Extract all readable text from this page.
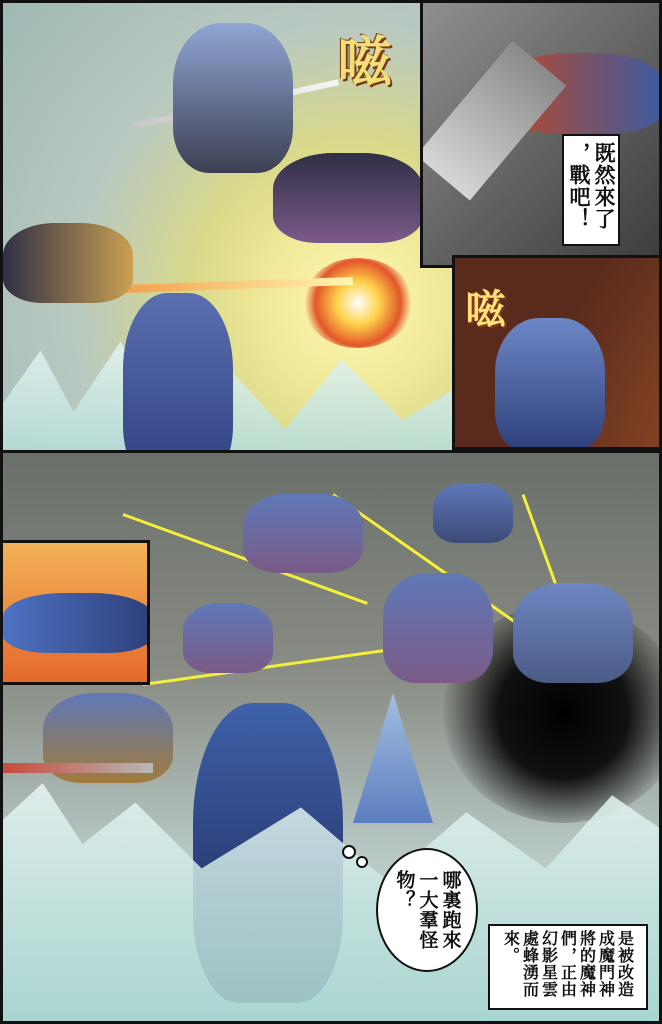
嗞
既然來了
，戰吧！
嗞
哪裏跑來
一大羣怪
物？
是被改造
成魔門神
將的魔神
們，正由
幻影星雲
處蜂湧而
來。
